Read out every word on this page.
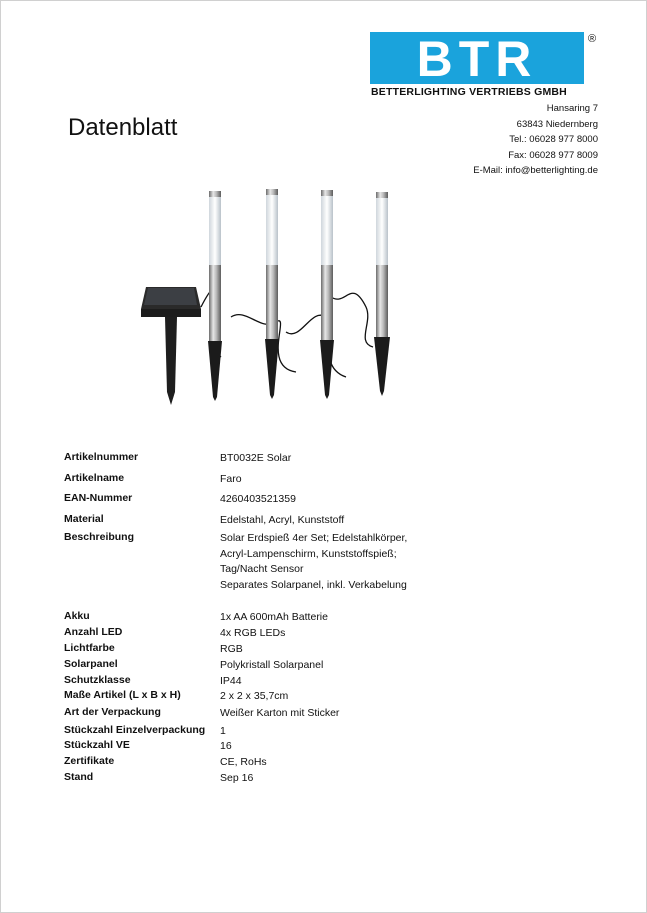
BTR	®
BETTERLIGHTING VERTRIEBS GMBH
Hansaring 7
63843 Niedernberg
Tel.: 06028 977 8000
Fax: 06028 977 8009
E-Mail: info@betterlighting.de
Datenblatt
Artikelnummer	BT0032E Solar
Artikelname	Faro
EAN-Nummer	4260403521359
Material	Edelstahl, Acryl, Kunststoff
Beschreibung	Solar Erdspieß 4er Set; Edelstahlkörper,
Acryl-Lampenschirm, Kunststoffspieß;
Tag/Nacht Sensor
Separates Solarpanel, inkl. Verkabelung
Akku	1x AA 600mAh Batterie
Anzahl LED	4x RGB LEDs
Lichtfarbe	RGB
Solarpanel	Polykristall Solarpanel
Schutzklasse	IP44
Maße Artikel (L x B x H)	2 x 2 x 35,7cm
Art der Verpackung	Weißer Karton mit Sticker
Stückzahl Einzelverpackung	1
Stückzahl VE	16
Zertifikate	CE, RoHs
Stand	Sep 16
